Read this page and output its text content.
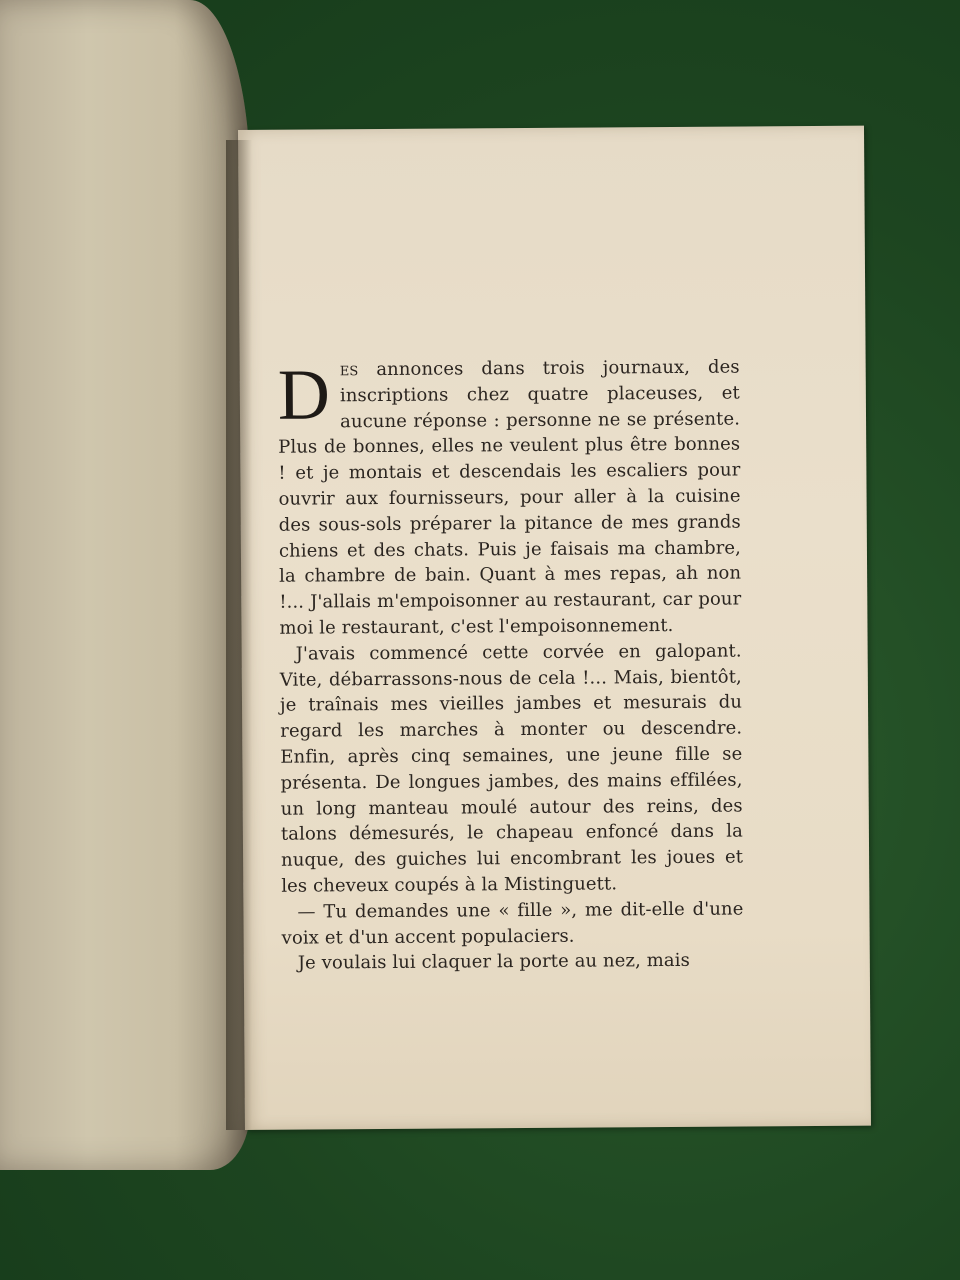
Des annonces dans trois journaux, des inscriptions chez quatre placeuses, et aucune réponse : personne ne se présente. Plus de bonnes, elles ne veulent plus être bonnes ! et je montais et descendais les escaliers pour ouvrir aux fournisseurs, pour aller à la cuisine des sous-sols préparer la pitance de mes grands chiens et des chats. Puis je faisais ma chambre, la chambre de bain. Quant à mes repas, ah non !... J'allais m'empoisonner au restaurant, car pour moi le restaurant, c'est l'empoisonnement.

J'avais commencé cette corvée en galopant. Vite, débarrassons-nous de cela !... Mais, bientôt, je traînais mes vieilles jambes et mesurais du regard les marches à monter ou descendre. Enfin, après cinq semaines, une jeune fille se présenta. De longues jambes, des mains effilées, un long manteau moulé autour des reins, des talons démesurés, le chapeau enfoncé dans la nuque, des guiches lui encombrant les joues et les cheveux coupés à la Mistinguett.

— Tu demandes une « fille », me dit-elle d'une voix et d'un accent populaciers.

Je voulais lui claquer la porte au nez, mais
